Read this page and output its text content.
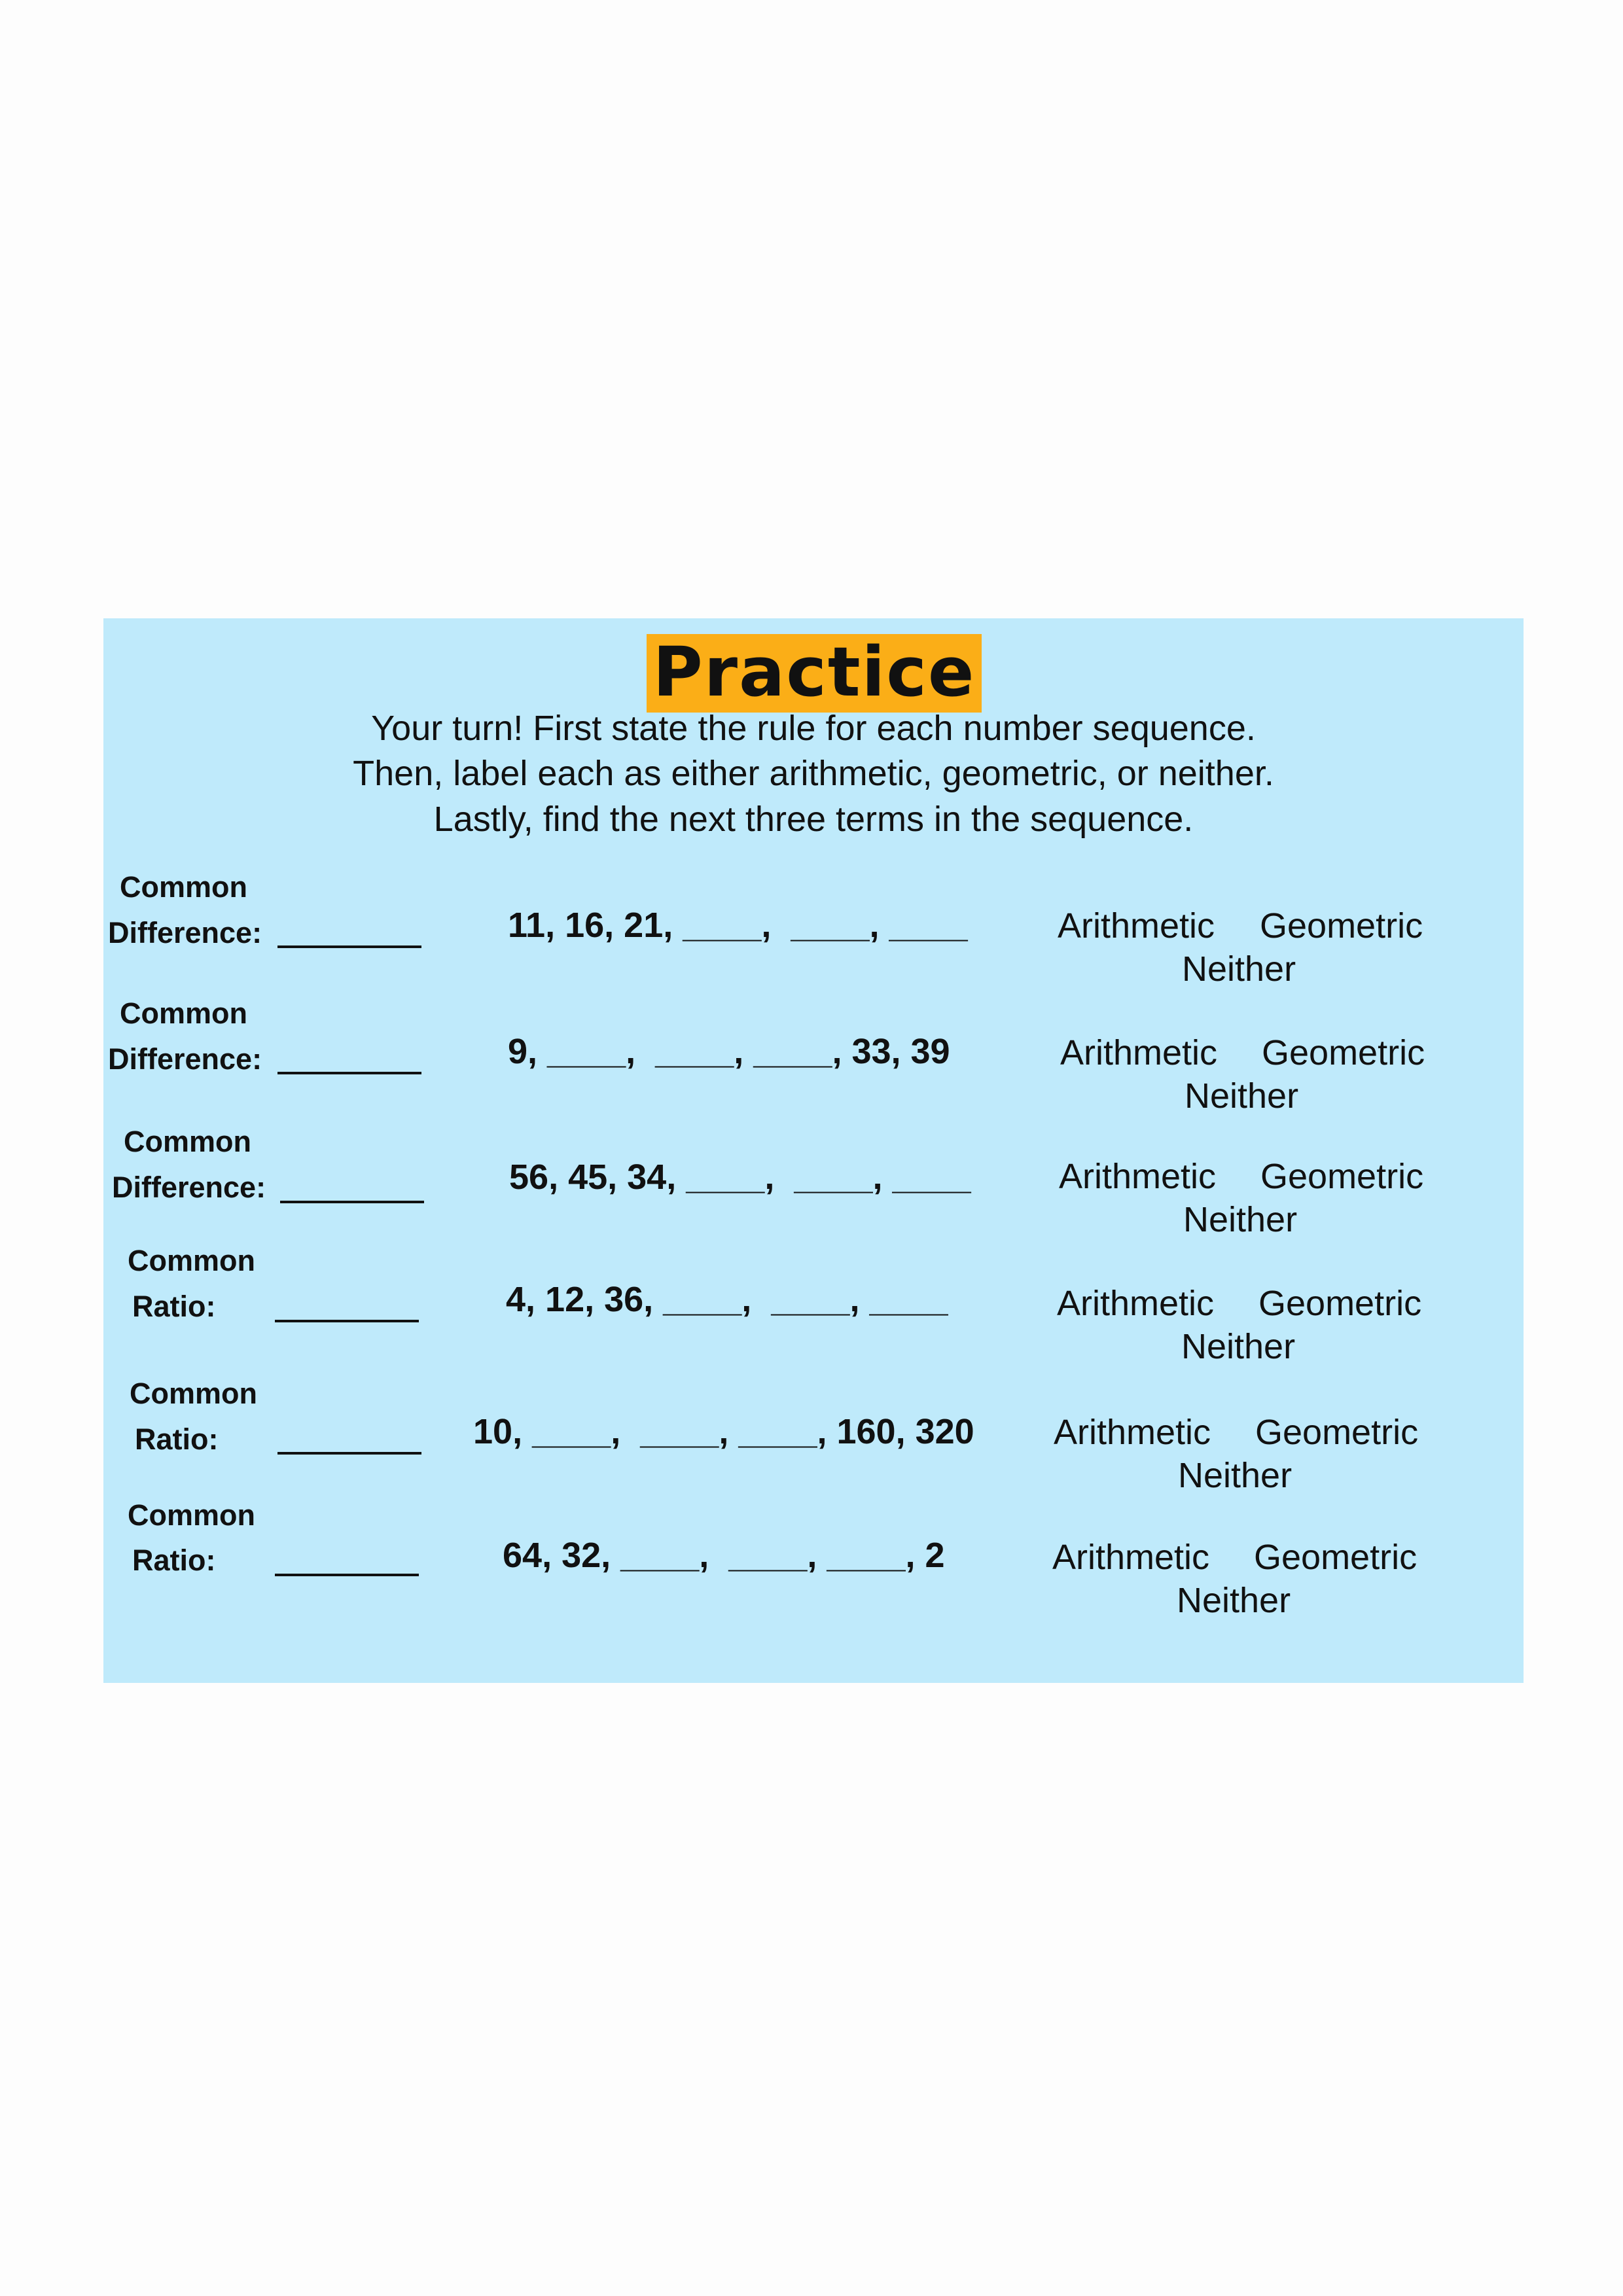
Practice
Your turn! First state the rule for each number sequence.
Then, label each as either arithmetic, geometric, or neither.
Lastly, find the next three terms in the sequence.
Common
Difference:	11, 16, 21, ____,  ____, ____	Arithmetic Geometric
Neither
Common
Difference:	9, ____,  ____, ____, 33, 39	Arithmetic Geometric
Neither
Common
Difference:	56, 45, 34, ____,  ____, ____ Arithmetic Geometric
Neither
Common
Ratio:	4, 12, 36, ____,  ____, ____	Arithmetic Geometric
Neither
Common
Ratio:	10, ____,  ____, ____, 160, 320 Arithmetic Geometric
Neither
Common
Ratio:	64, 32, ____,  ____, ____, 2	Arithmetic Geometric
Neither
